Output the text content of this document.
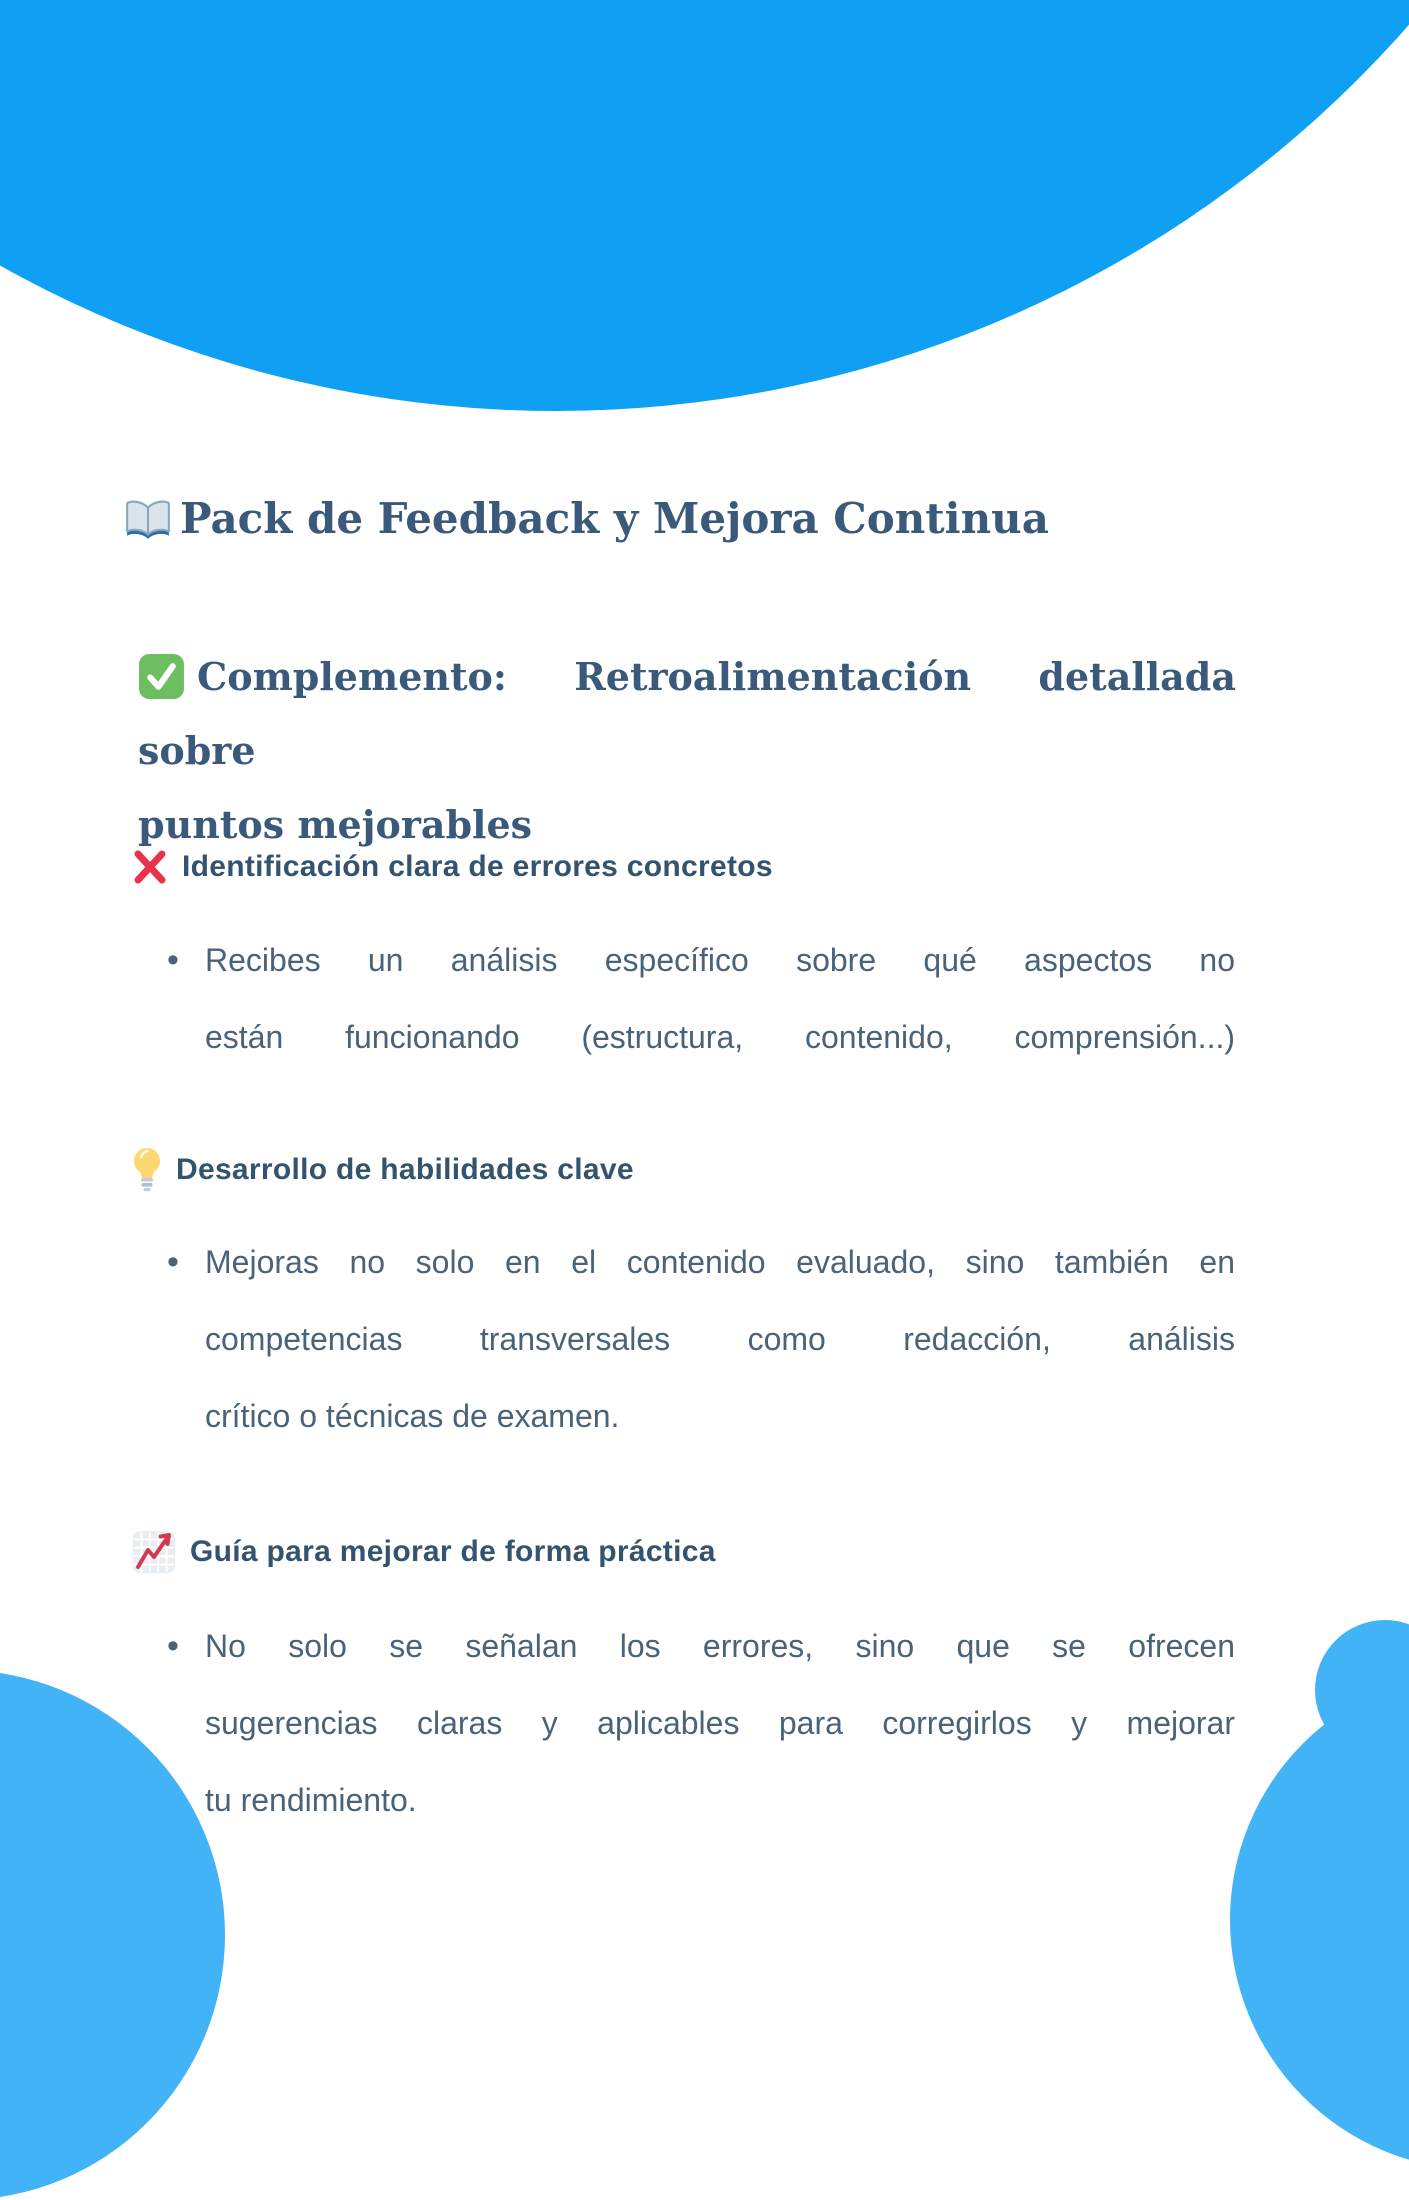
Pack de Feedback y Mejora Continua
Complemento: Retroalimentación detallada sobre
puntos mejorables
Identificación clara de errores concretos
• Recibes un análisis específico sobre qué aspectos no
están funcionando (estructura, contenido, comprensión...)
Desarrollo de habilidades clave
• Mejoras no solo en el contenido evaluado, sino también en
competencias transversales como redacción, análisis
crítico o técnicas de examen.
Guía para mejorar de forma práctica
• No solo se señalan los errores, sino que se ofrecen
sugerencias claras y aplicables para corregirlos y mejorar
tu rendimiento.
